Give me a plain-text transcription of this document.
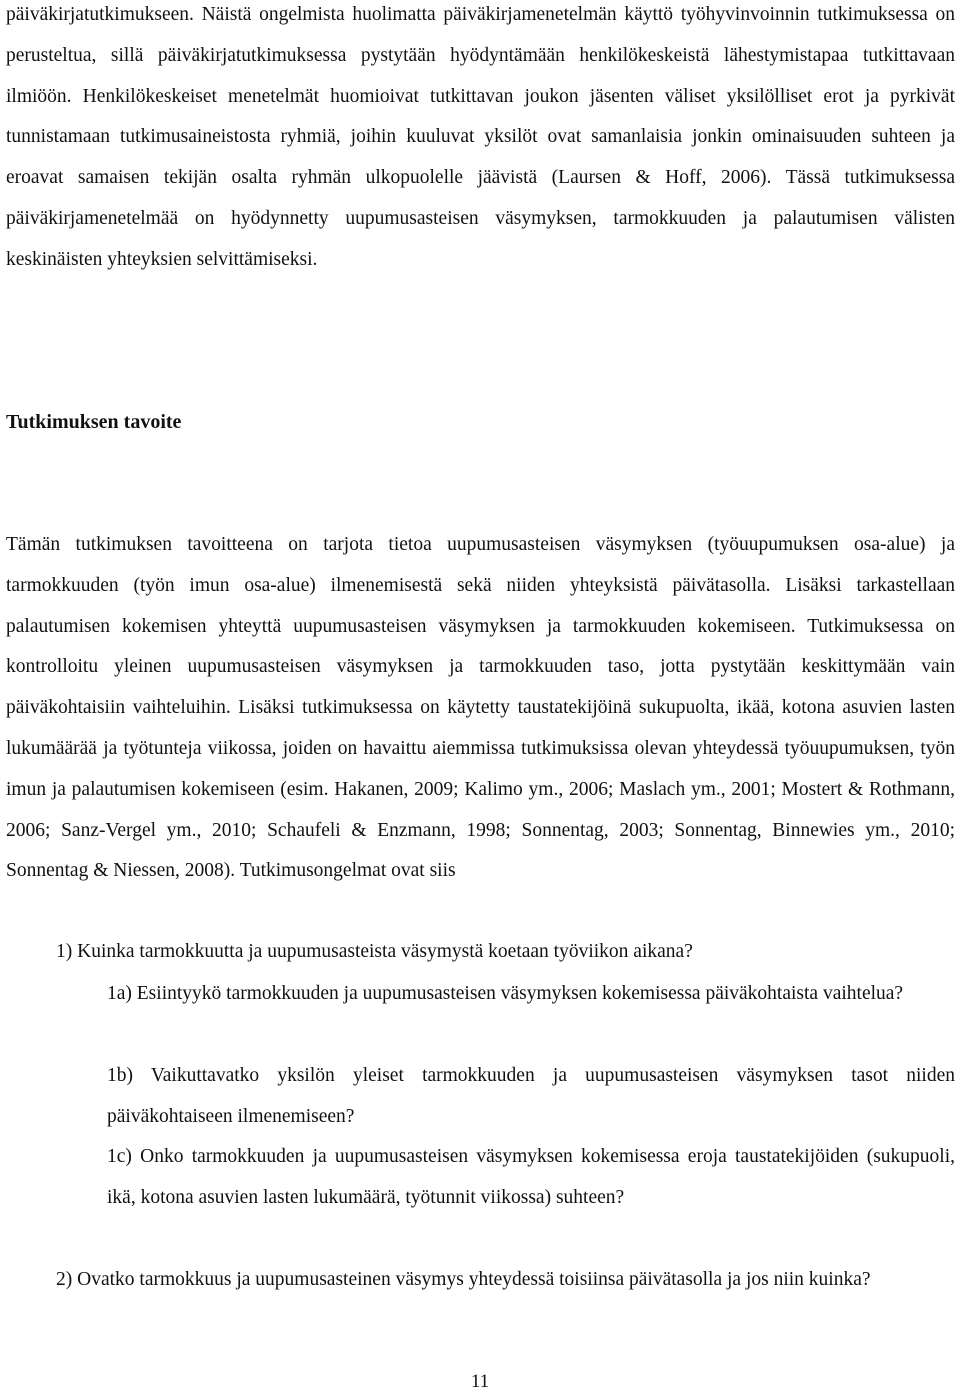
päiväkirjatutkimukseen. Näistä ongelmista huolimatta päiväkirjamenetelmän käyttö työhyvinvoinnin tutkimuksessa on perusteltua, sillä päiväkirjatutkimuksessa pystytään hyödyntämään henkilökeskeistä lähestymistapaa tutkittavaan ilmiöön. Henkilökeskeiset menetelmät huomioivat tutkittavan joukon jäsenten väliset yksilölliset erot ja pyrkivät tunnistamaan tutkimusaineistosta ryhmiä, joihin kuuluvat yksilöt ovat samanlaisia jonkin ominaisuuden suhteen ja eroavat samaisen tekijän osalta ryhmän ulkopuolelle jäävistä (Laursen & Hoff, 2006). Tässä tutkimuksessa päiväkirjamenetelmää on hyödynnetty uupumusasteisen väsymyksen, tarmokkuuden ja palautumisen välisten keskinäisten yhteyksien selvittämiseksi.

Tutkimuksen tavoite

Tämän tutkimuksen tavoitteena on tarjota tietoa uupumusasteisen väsymyksen (työuupumuksen osa-alue) ja tarmokkuuden (työn imun osa-alue) ilmenemisestä sekä niiden yhteyksistä päivätasolla. Lisäksi tarkastellaan palautumisen kokemisen yhteyttä uupumusasteisen väsymyksen ja tarmokkuuden kokemiseen. Tutkimuksessa on kontrolloitu yleinen uupumusasteisen väsymyksen ja tarmokkuuden taso, jotta pystytään keskittymään vain päiväkohtaisiin vaihteluihin. Lisäksi tutkimuksessa on käytetty taustatekijöinä sukupuolta, ikää, kotona asuvien lasten lukumäärää ja työtunteja viikossa, joiden on havaittu aiemmissa tutkimuksissa olevan yhteydessä työuupumuksen, työn imun ja palautumisen kokemiseen (esim. Hakanen, 2009; Kalimo ym., 2006; Maslach ym., 2001; Mostert & Rothmann, 2006; Sanz-Vergel ym., 2010; Schaufeli & Enzmann, 1998; Sonnentag, 2003; Sonnentag, Binnewies ym., 2010; Sonnentag & Niessen, 2008). Tutkimusongelmat ovat siis

1) Kuinka tarmokkuutta ja uupumusasteista väsymystä koetaan työviikon aikana?

1a) Esiintyykö tarmokkuuden ja uupumusasteisen väsymyksen kokemisessa päiväkohtaista vaihtelua?

1b) Vaikuttavatko yksilön yleiset tarmokkuuden ja uupumusasteisen väsymyksen tasot niiden päiväkohtaiseen ilmenemiseen?

1c) Onko tarmokkuuden ja uupumusasteisen väsymyksen kokemisessa eroja taustatekijöiden (sukupuoli, ikä, kotona asuvien lasten lukumäärä, työtunnit viikossa) suhteen?

2) Ovatko tarmokkuus ja uupumusasteinen väsymys yhteydessä toisiinsa päivätasolla ja jos niin kuinka?

11
